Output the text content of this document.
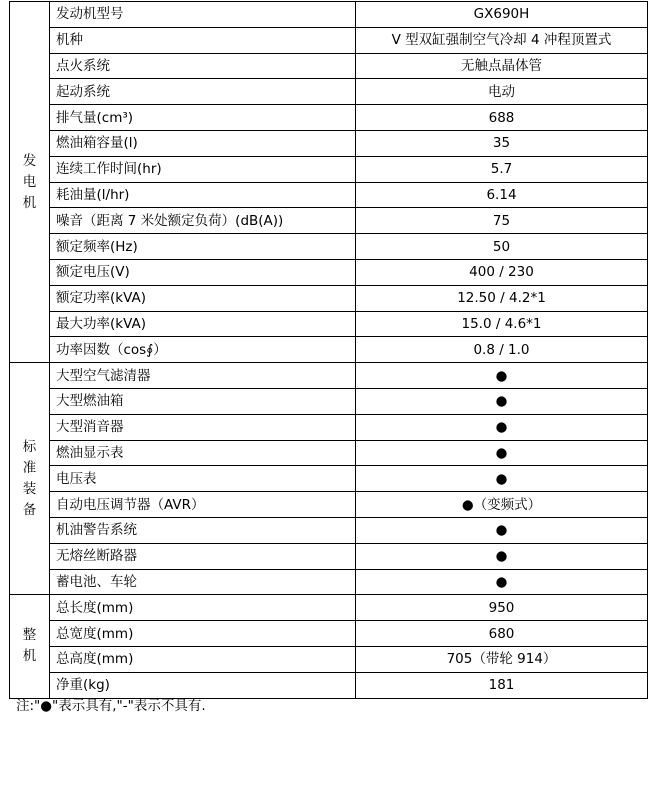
发电机	发动机型号	GX690H
	机种	V 型双缸强制空气冷却 4 冲程顶置式
	点火系统	无触点晶体管
	起动系统	电动
	排气量(cm³)	688
	燃油箱容量(l)	35
	连续工作时间(hr)	5.7
	耗油量(l/hr)	6.14
	噪音（距离 7 米处额定负荷）(dB(A))	75
	额定频率(Hz)	50
	额定电压(V)	400 / 230
	额定功率(kVA)	12.50 / 4.2*1
	最大功率(kVA)	15.0 / 4.6*1
	功率因数（cos∮）	0.8 / 1.0

标准装备	大型空气滤清器	●
	大型燃油箱	●
	大型消音器	●
	燃油显示表	●
	电压表	●
	自动电压调节器（AVR）	●（变频式）
	机油警告系统	●
	无熔丝断路器	●
	蓄电池、车轮	●

整机	总长度(mm)	950
	总宽度(mm)	680
	总高度(mm)	705（带轮 914）
	净重(kg)	181
注:"●"表示具有,"-"表示不具有.
